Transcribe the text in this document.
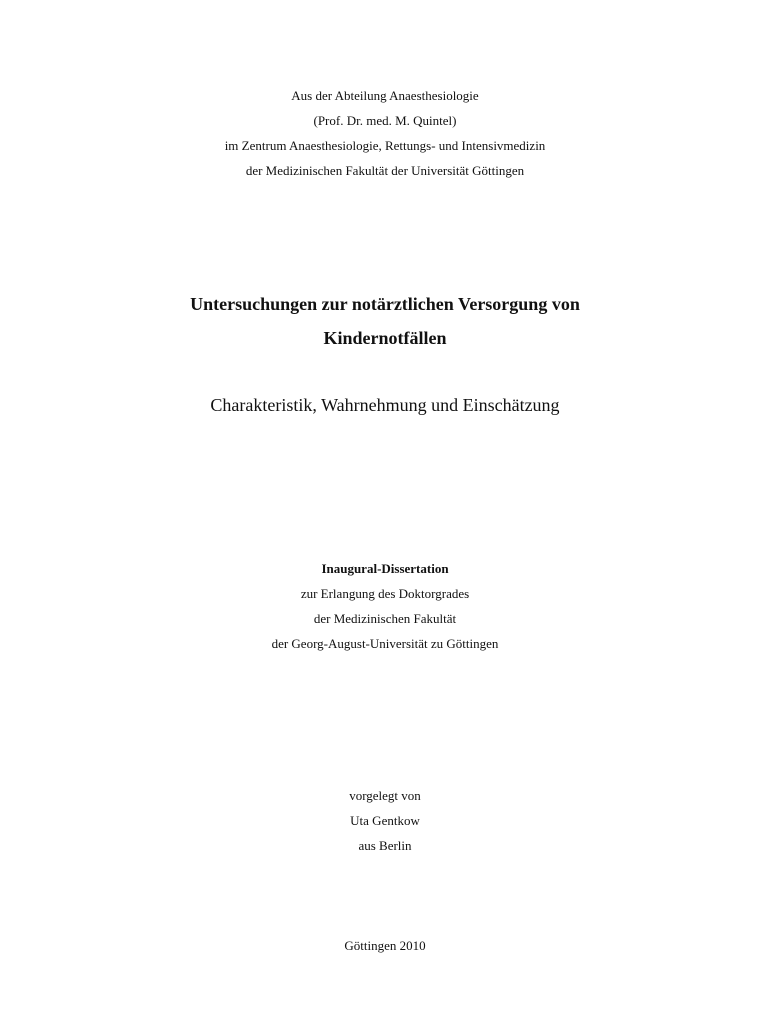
Aus der Abteilung Anaesthesiologie
(Prof. Dr. med. M. Quintel)
im Zentrum Anaesthesiologie, Rettungs- und Intensivmedizin
der Medizinischen Fakultät der Universität Göttingen
Untersuchungen zur notärztlichen Versorgung von
Kindernotfällen
Charakteristik, Wahrnehmung und Einschätzung
Inaugural-Dissertation
zur Erlangung des Doktorgrades
der Medizinischen Fakultät
der Georg-August-Universität zu Göttingen
vorgelegt von
Uta Gentkow
aus Berlin
Göttingen 2010
